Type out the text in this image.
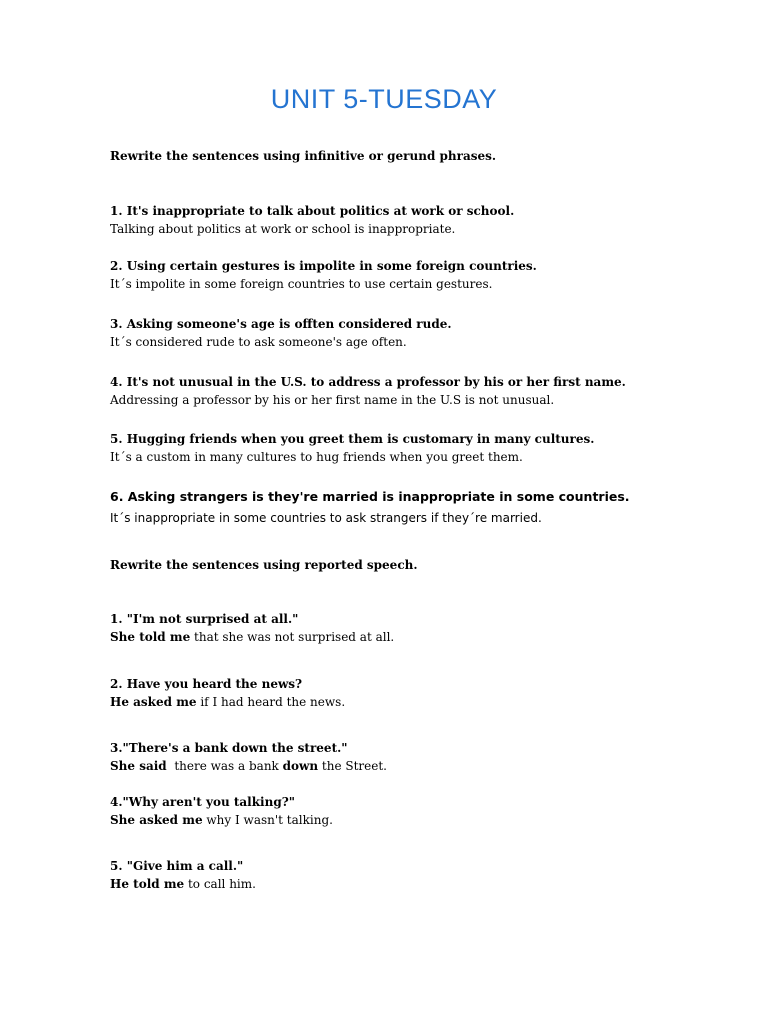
UNIT 5-TUESDAY
Rewrite the sentences using infinitive or gerund phrases.
1. It's inappropriate to talk about politics at work or school.
Talking about politics at work or school is inappropriate.
2. Using certain gestures is impolite in some foreign countries.
It´s impolite in some foreign countries to use certain gestures.
3. Asking someone's age is offten considered rude.
It´s considered rude to ask someone's age often.
4. It's not unusual in the U.S. to address a professor by his or her first name.
Addressing a professor by his or her first name in the U.S is not unusual.
5. Hugging friends when you greet them is customary in many cultures.
It´s a custom in many cultures to hug friends when you greet them.
6. Asking strangers is they're married is inappropriate in some countries.
It´s inappropriate in some countries to ask strangers if they´re married.
Rewrite the sentences using reported speech.
1. "I'm not surprised at all."
She told me that she was not surprised at all.
2. Have you heard the news?
He asked me if I had heard the news.
3."There's a bank down the street."
She said  there was a bank down the Street.
4."Why aren't you talking?"
She asked me why I wasn't talking.
5. "Give him a call."
He told me to call him.
